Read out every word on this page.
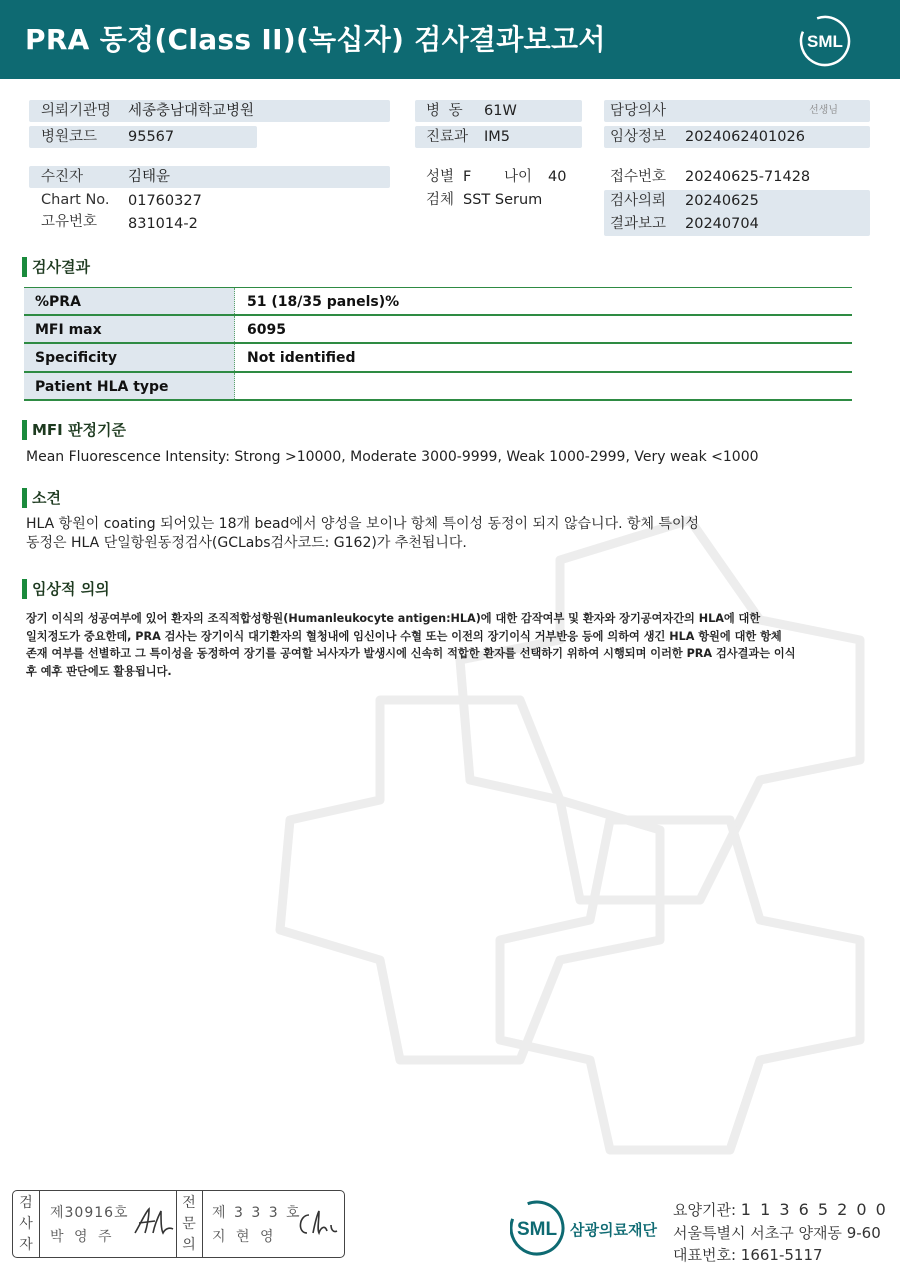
PRA 동정(Class II)(녹십자) 검사결과보고서	SML
의뢰기관명 세종충남대학교병원
병원코드 95567
수진자	김태윤
Chart No. 01760327
고유번호 831014-2
병 동 61W
진료과 IM5
성별 F 나이 40
검체 SST Serum
담당의사	선생님
임상정보 2024062401026
접수번호 20240625-71428
검사의뢰 20240625
결과보고 20240704
검사결과
%PRA	51 (18/35 panels)%
MFI max	6095
Specificity	Not identified
Patient HLA type
MFI 판정기준
Mean Fluorescence Intensity: Strong >10000, Moderate 3000-9999, Weak 1000-2999, Very weak <1000
소견
HLA 항원이 coating 되어있는 18개 bead에서 양성을 보이나 항체 특이성 동정이 되지 않습니다. 항체 특이성
동정은 HLA 단일항원동정검사(GCLabs검사코드: G162)가 추천됩니다.
임상적 의의
장기 이식의 성공여부에 있어 환자의 조직적합성항원(Humanleukocyte antigen:HLA)에 대한 감작여부 및 환자와 장기공여자간의 HLA에 대한
일치정도가 중요한데, PRA 검사는 장기이식 대기환자의 혈청내에 임신이나 수혈 또는 이전의 장기이식 거부반응 등에 의하여 생긴 HLA 항원에 대한 항체
존재 여부를 선별하고 그 특이성을 동정하여 장기를 공여할 뇌사자가 발생시에 신속히 적합한 환자를 선택하기 위하여 시행되며 이러한 PRA 검사결과는 이식
후 예후 판단에도 활용됩니다.
검
사
자
제30916호
박 영 주
전
문
의
제 3 3 3 호
지 현 영	SML 삼광의료재단
요양기관: 1 1 3 6 5 2 0 0
서울특별시 서초구 양재동 9-60
대표번호: 1661-5117
